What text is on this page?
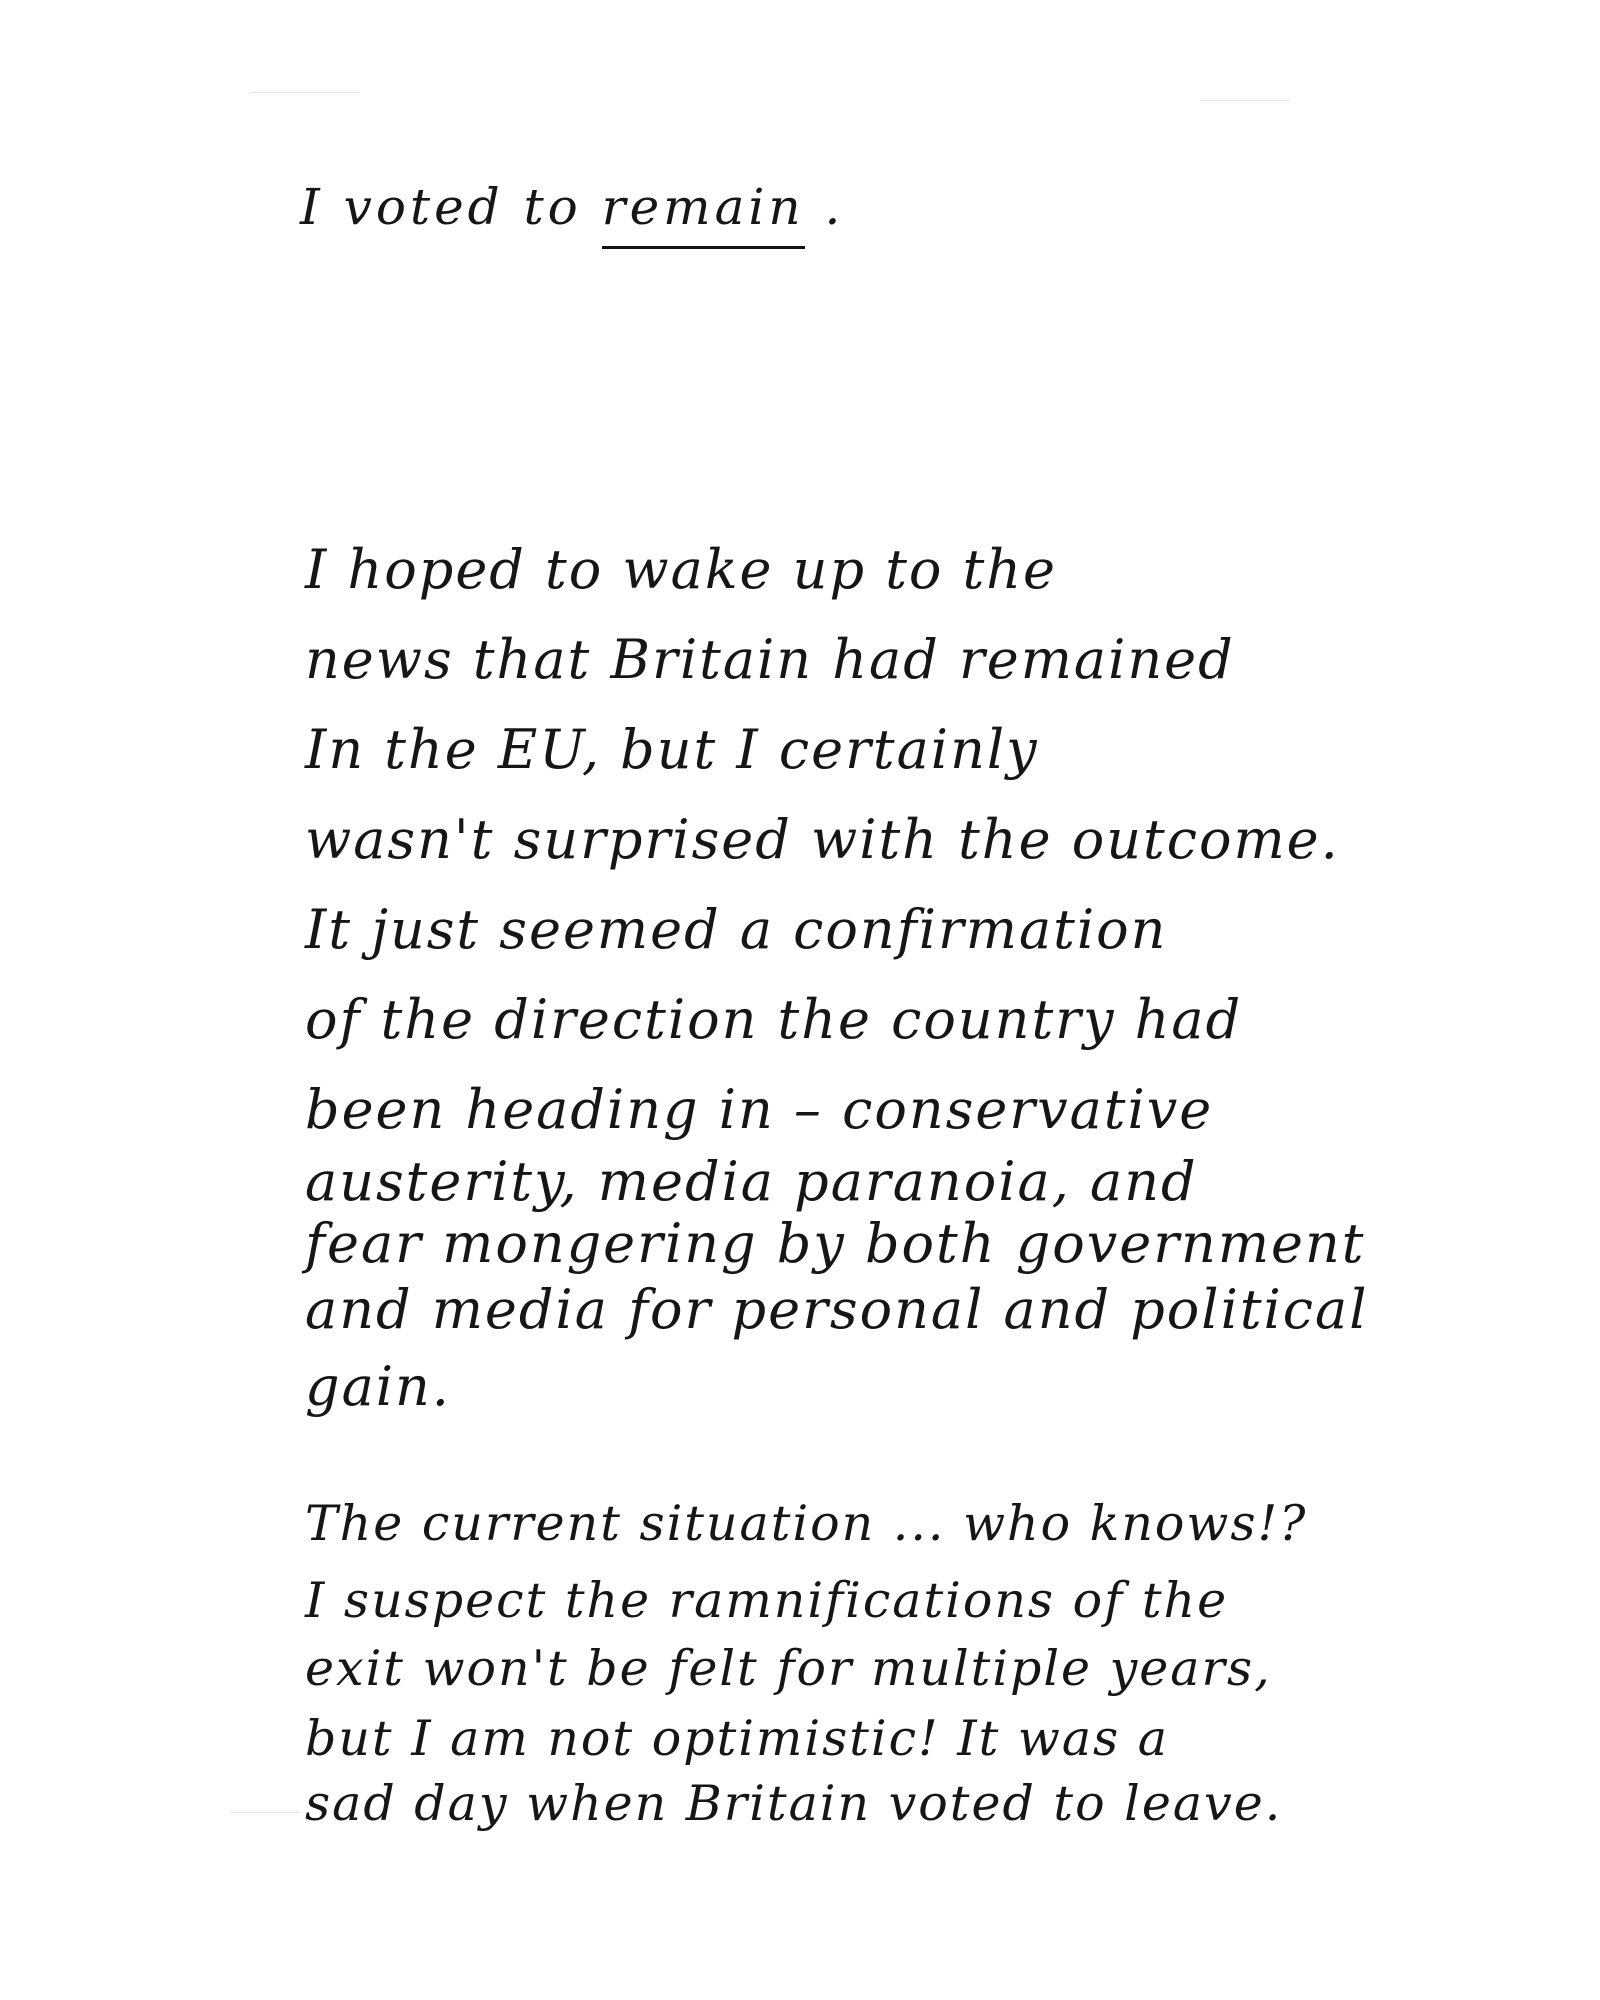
I voted to remain .
I hoped to wake up to the
news that Britain had remained
In the EU, but I certainly
wasn't surprised with the outcome.
It just seemed a confirmation
of the direction the country had
been heading in – conservative
austerity, media paranoia, and
fear mongering by both government
and media for personal and political
gain.
The current situation ... who knows!?
I suspect the ramnifications of the
exit won't be felt for multiple years,
but I am not optimistic! It was a
sad day when Britain voted to leave.
